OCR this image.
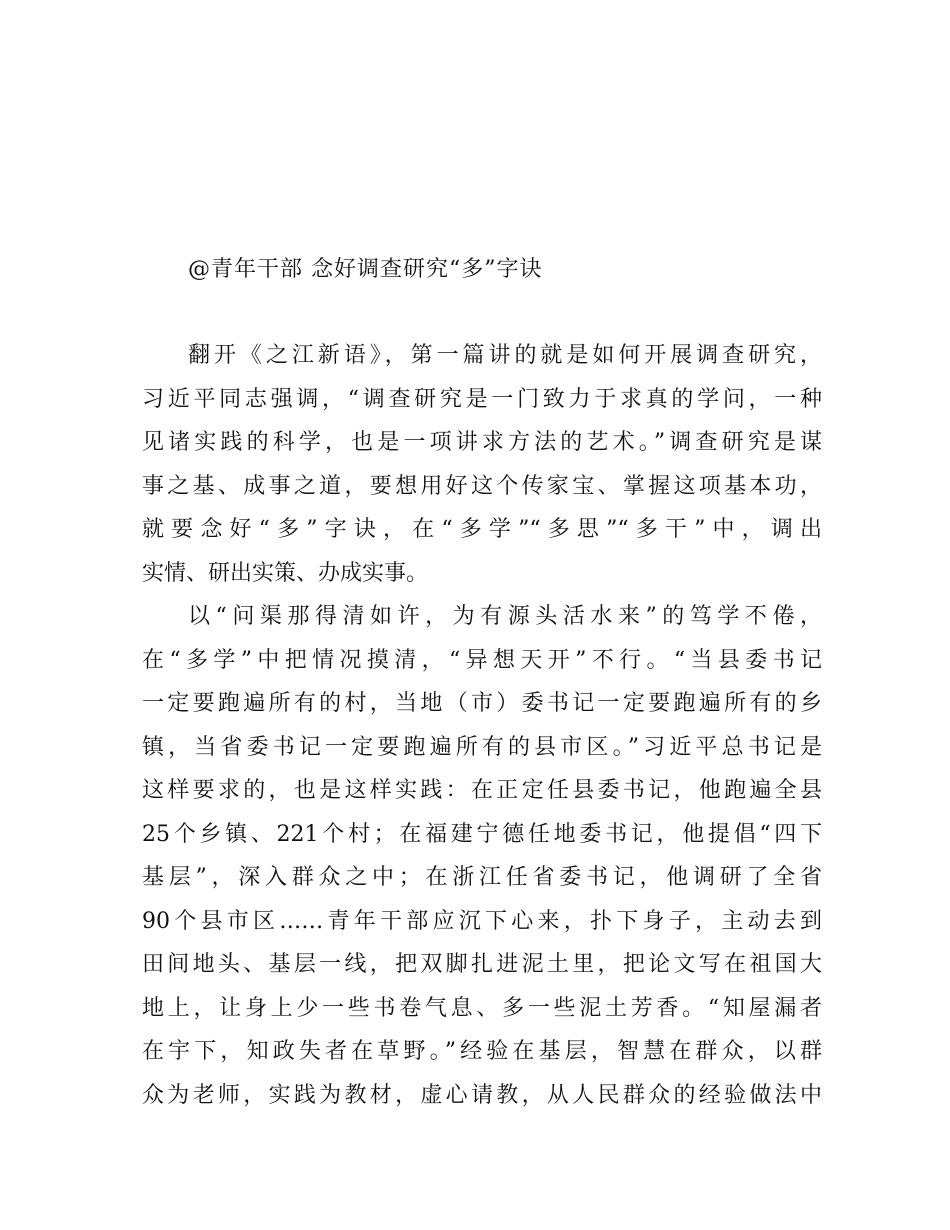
@青年干部 念好调查研究“多”字诀

翻开《之江新语》，第一篇讲的就是如何开展调查研究，
习近平同志强调，“调查研究是一门致力于求真的学问，一种
见诸实践的科学，也是一项讲求方法的艺术。”调查研究是谋
事之基、成事之道，要想用好这个传家宝、掌握这项基本功，
就要念好“多”字诀，在“多学”“多思”“多干”中，调出
实情、研出实策、办成实事。

以“问渠那得清如许，为有源头活水来”的笃学不倦，
在“多学”中把情况摸清，“异想天开”不行。“当县委书记
一定要跑遍所有的村，当地（市）委书记一定要跑遍所有的乡
镇，当省委书记一定要跑遍所有的县市区。”习近平总书记是
这样要求的，也是这样实践：在正定任县委书记，他跑遍全县
25个乡镇、221个村；在福建宁德任地委书记，他提倡“四下
基层”，深入群众之中；在浙江任省委书记，他调研了全省
90个县市区……青年干部应沉下心来，扑下身子，主动去到
田间地头、基层一线，把双脚扎进泥土里，把论文写在祖国大
地上，让身上少一些书卷气息、多一些泥土芳香。“知屋漏者
在宇下，知政失者在草野。”经验在基层，智慧在群众，以群
众为老师，实践为教材，虚心请教，从人民群众的经验做法中
